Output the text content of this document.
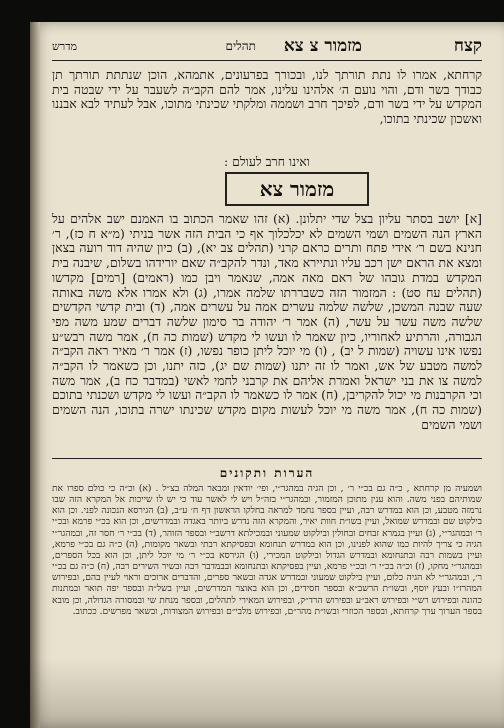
קצח
מזמור צ צא
תהלים
מדרש
קרחתא, אמרו לו נתת תורתך לנו, ובכורך בפרעונים, אתמהא, הוכן שנתתת תורתך תן כבודך בשר ודם, והוי נועם ה׳ אלהינו עלינו, אמר להם הקב״ה לשעבר על ידי שבטה בית המקדש על ידי בשר ודם, לפיכך חרב ושממה ומלקתי שכינתי מתוכו, אבל לעתיד לבא אבננו ואשכון שכינתי בתוכו,
ואינו חרב לעולם :
מזמור צא
[א] יושב בסתר עליון בצל שדי יתלונן. (א) זהו שאמר הכתוב בו האמנם ישב אלהים על הארץ הנה השמים ושמי השמים לא יכלכלוך אף כי הבית הזה אשר בניתי (מ״א ח כז), ר׳ חנינא בשם ר׳ אידי פתח ותרים כראם קרני (תהלים צב יא), (ב) כיון שהיה דוד רועה בצאן ומצא את הראם ישן רכב עליו ונתיירא מאד, ונדר להקב״ה שאם יורידהו בשלום, שיבנה בית המקדש במדת גובהו של ראם מאה אמה, שנאמר ויבן כמו (ראמים) [רמים] מקדשו (תהלים עח סט) : המזמור הזה כשבררתו שלמה אמרו, (ג) ולא אמרו אלא משה באותה שעה שבנה המשכן, שלשה שלמה עשרים אמה על עשרים אמה, (ד) ובית קדשי הקדשים שלשה משה עשר על עשר, (ה) אמר ר׳ יהודה בר סימון שלשה דברים שמע משה מפי הגבורה, והרתיע לאחוריו, כיון שאמר לו ועשו לי מקדש (שמות כה ח), אמר משה רבש״ע נפשו אינו עשויה (שמות ל יב) , (ו) מי יוכל ליתן כופר נפשו, (ז) אמר ר׳ מאיר ראה הקב״ה למשה מטבע של אש, ואמר לו זה יתנו (שמות שם יג), כזה יתנו, וכן כשאמר לו הקב״ה למשה צו את בני ישראל ואמרת אליהם את קרבני לחמי לאשי (במדבר כח ב), אמר משה וכי הקרבנות מי יכול להקריבן, (ח) אמר לו כשאמר לו הקב״ה ועשו לי מקדש ושכנתי בתוכם (שמות כה ח), אמר משה מי יוכל לעשות מקום מקדש שכינתו ישרה בתוכו, הנה השמים ושמי השמים
הערות ותקונים
ושמעיה מן קרחתא , כ״ה גם בכ״י ר׳ , וכן הגיה במהגר״י, ופי׳ יודאין ומבאר המלה בצ״ל . (א) וכ״ה כי כולם ספרו את שמותיהם בפני משה. והוא ענין מתוכן המזמור, ובמהגר״י בזה״ל ויש לי לאשר עוד כי יש לו שייכות אל המקרא הזה שבו נרמזה מטבע, וכן הוא במדרש רבה, ועיין בספר נחמד למראה בחלקו הראשון דף ח׳ ע״ב, (ב) הגירסא הנכונה לפני. וכן הוא בילקוט שם ובמדרש שמואל, ועיין בשו״ת חוות יאיר, והמקרא הזה נדרש ביותר באגדה ובמדרשים, וכן הוא בכ״י פרמא ובכ״י ר׳ ובמהגר״י, (ג) ועיין בגמרא זבחים ובחולין ובילקוט שמעוני ובמכילתא דרשב״י ובספר הזוהר, (ד) בכ״י ר׳ חסר זה, ובמהגר״י הגיה כי צריך להיות כמו שהוא לפנינו, וכן הוא במדרש תנחומא ובפסיקתא רבתי ובשאר מקומות, (ה) כ״ה גם בכ״י פרמא, ועיין בשמות רבה ובתנחומא ובמדרש הגדול ובילקוט המכירי, (ו) הגירסא בכ״י ר׳ מי יוכל ליתן, וכן הוא בכל הספרים, ובמהגר״י מחקו, (ז) וכ״ה בכ״י ר׳ ובכ״י פרמא, ועיין בפסיקתא ובתנחומא ובבמדבר רבה ובשיר השירים רבה, (ח) כ״ה גם בכ״י ר׳, ובמהגר״י לא הגיה כלום, ועיין בילקוט שמעוני ובמדרש אגדה ובשאר ספרים, והדברים ארוכים וראוי לעיין בהם, ובפירוש המהרז״ו ובעץ יוסף, ובשו״ת הרשב״א ובספר חסידים, וכן הוא באוצר המדרשים, ועיין בשל״ה ובספר יפה תואר ובמתנות כהונה ובפירוש רש״י ובפירוש ראב״ע ובפירוש הרד״ק, ובפירוש המאירי לתהלים, ובספר מנחת שי ובמסורה הגדולה, וכן מובא בספר הערוך ערך קרחתא, ובספר הכוזרי ובשו״ת מהר״ם, ובפירוש מלבי״ם ובפירוש המצודות, ובשאר מפרשים. ככתוב.
